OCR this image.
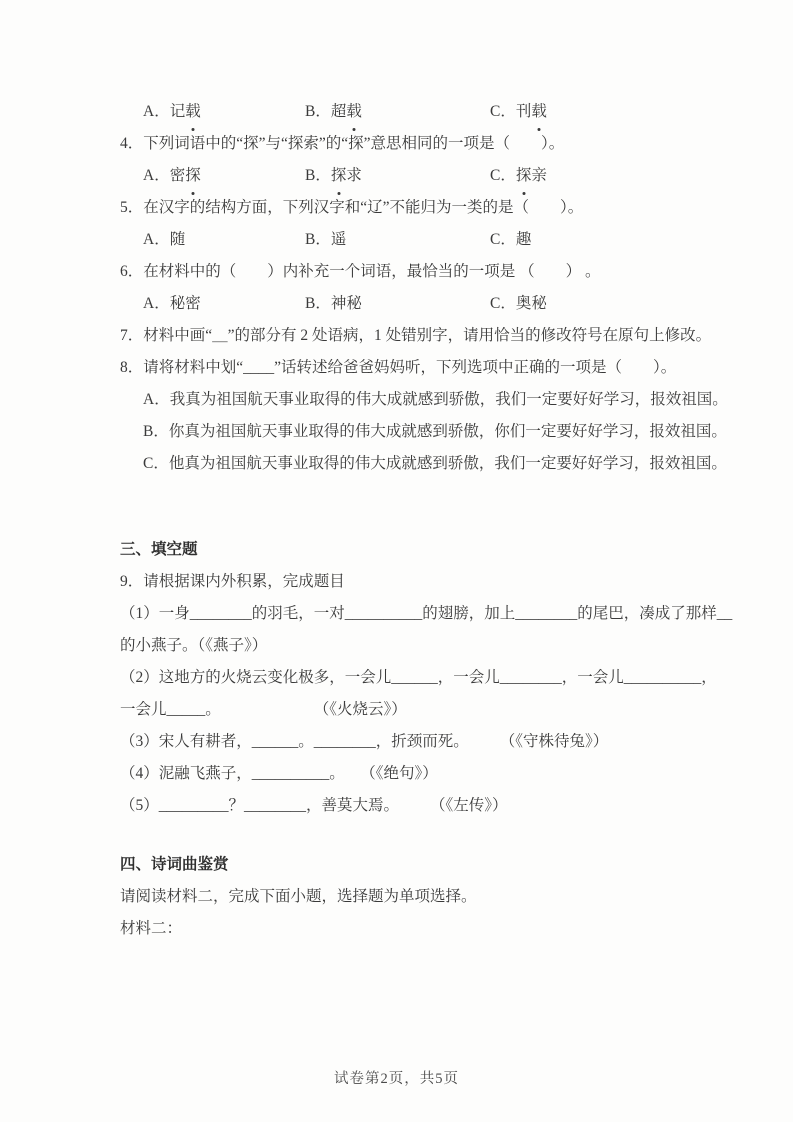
A．记载	B．超载	C．刊载
4．下列词语中的“探”与“探索”的“探”意思相同的一项是（　　）。
A．密探	B．探求	C．探亲
5．在汉字的结构方面，下列汉字和“辽”不能归为一类的是（　　）。
A．随	B．遥	C．趣
6．在材料中的（　　）内补充一个词语，最恰当的一项是 （　　） 。
A．秘密	B．神秘	C．奥秘
7．材料中画“＿”的部分有 2 处语病，1 处错别字，请用恰当的修改符号在原句上修改。
8．请将材料中划“____”话转述给爸爸妈妈听，下列选项中正确的一项是（　　）。
A．我真为祖国航天事业取得的伟大成就感到骄傲，我们一定要好好学习，报效祖国。
B．你真为祖国航天事业取得的伟大成就感到骄傲，你们一定要好好学习，报效祖国。
C．他真为祖国航天事业取得的伟大成就感到骄傲，我们一定要好好学习，报效祖国。
三、填空题
9．请根据课内外积累，完成题目
（1）一身________的羽毛，一对__________的翅膀，加上________的尾巴，凑成了那样__
的小燕子。（《燕子》）
（2）这地方的火烧云变化极多，一会儿______，一会儿________，一会儿__________，
一会儿_____。　　　　　　　（《火烧云》）
（3）宋人有耕者，______。________，折颈而死。　　　（《守株待兔》）
（4）泥融飞燕子，__________。　　（《绝句》）
（5）_________？________，善莫大焉。　　　（《左传》）
四、诗词曲鉴赏
请阅读材料二，完成下面小题，选择题为单项选择。
材料二：
试卷第2页，共5页
